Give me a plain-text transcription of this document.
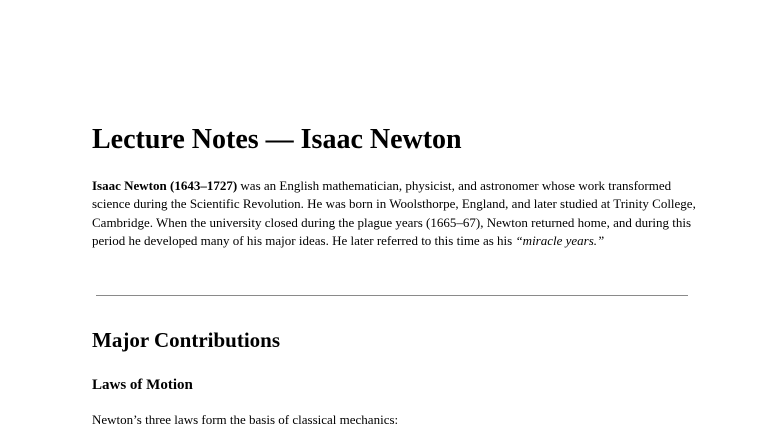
Lecture Notes — Isaac Newton

Isaac Newton (1643–1727) was an English mathematician, physicist, and astronomer whose work transformed science during the Scientific Revolution. He was born in Woolsthorpe, England, and later studied at Trinity College, Cambridge. When the university closed during the plague years (1665–67), Newton returned home, and during this period he developed many of his major ideas. He later referred to this time as his “miracle years.”

Major Contributions
Laws of Motion

Newton’s three laws form the basis of classical mechanics:
